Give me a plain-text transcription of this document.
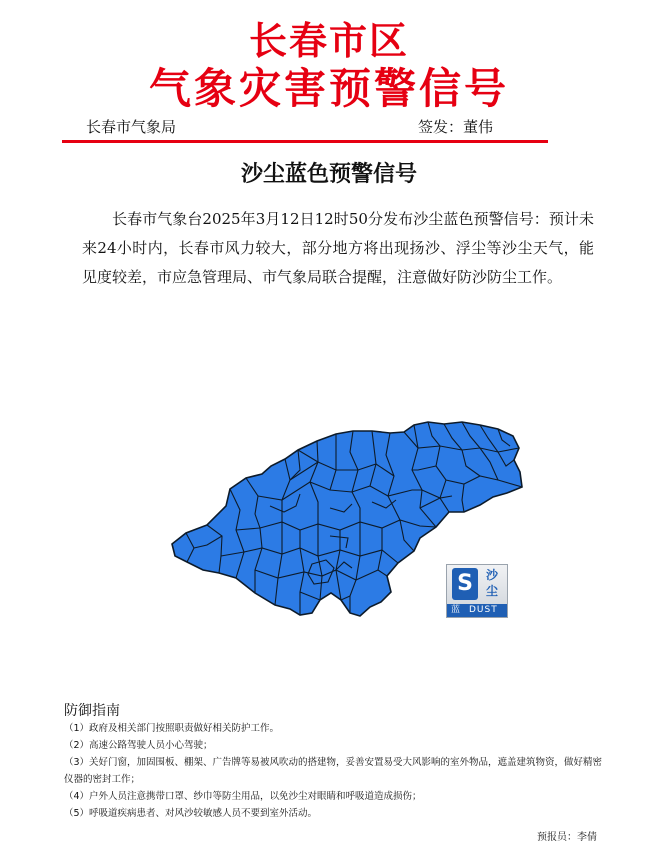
长春市区
气象灾害预警信号
长春市气象局	签发：董伟
沙尘蓝色预警信号
长春市气象台2025年3月12日12时50分发布沙尘蓝色预警信号：预计未来24小时内，长春市风力较大，部分地方将出现扬沙、浮尘等沙尘天气，能见度较差，市应急管理局、市气象局联合提醒，注意做好防沙防尘工作。
S	沙尘
蓝 DUST
防御指南
（1）政府及相关部门按照职责做好相关防护工作。
（2）高速公路驾驶人员小心驾驶；
（3）关好门窗，加固围板、棚架、广告牌等易被风吹动的搭建物，妥善安置易受大风影响的室外物品，遮盖建筑物资，做好精密仪器的密封工作；
（4）户外人员注意携带口罩、纱巾等防尘用品，以免沙尘对眼睛和呼吸道造成损伤；
（5）呼吸道疾病患者、对风沙较敏感人员不要到室外活动。
预报员：李倩
